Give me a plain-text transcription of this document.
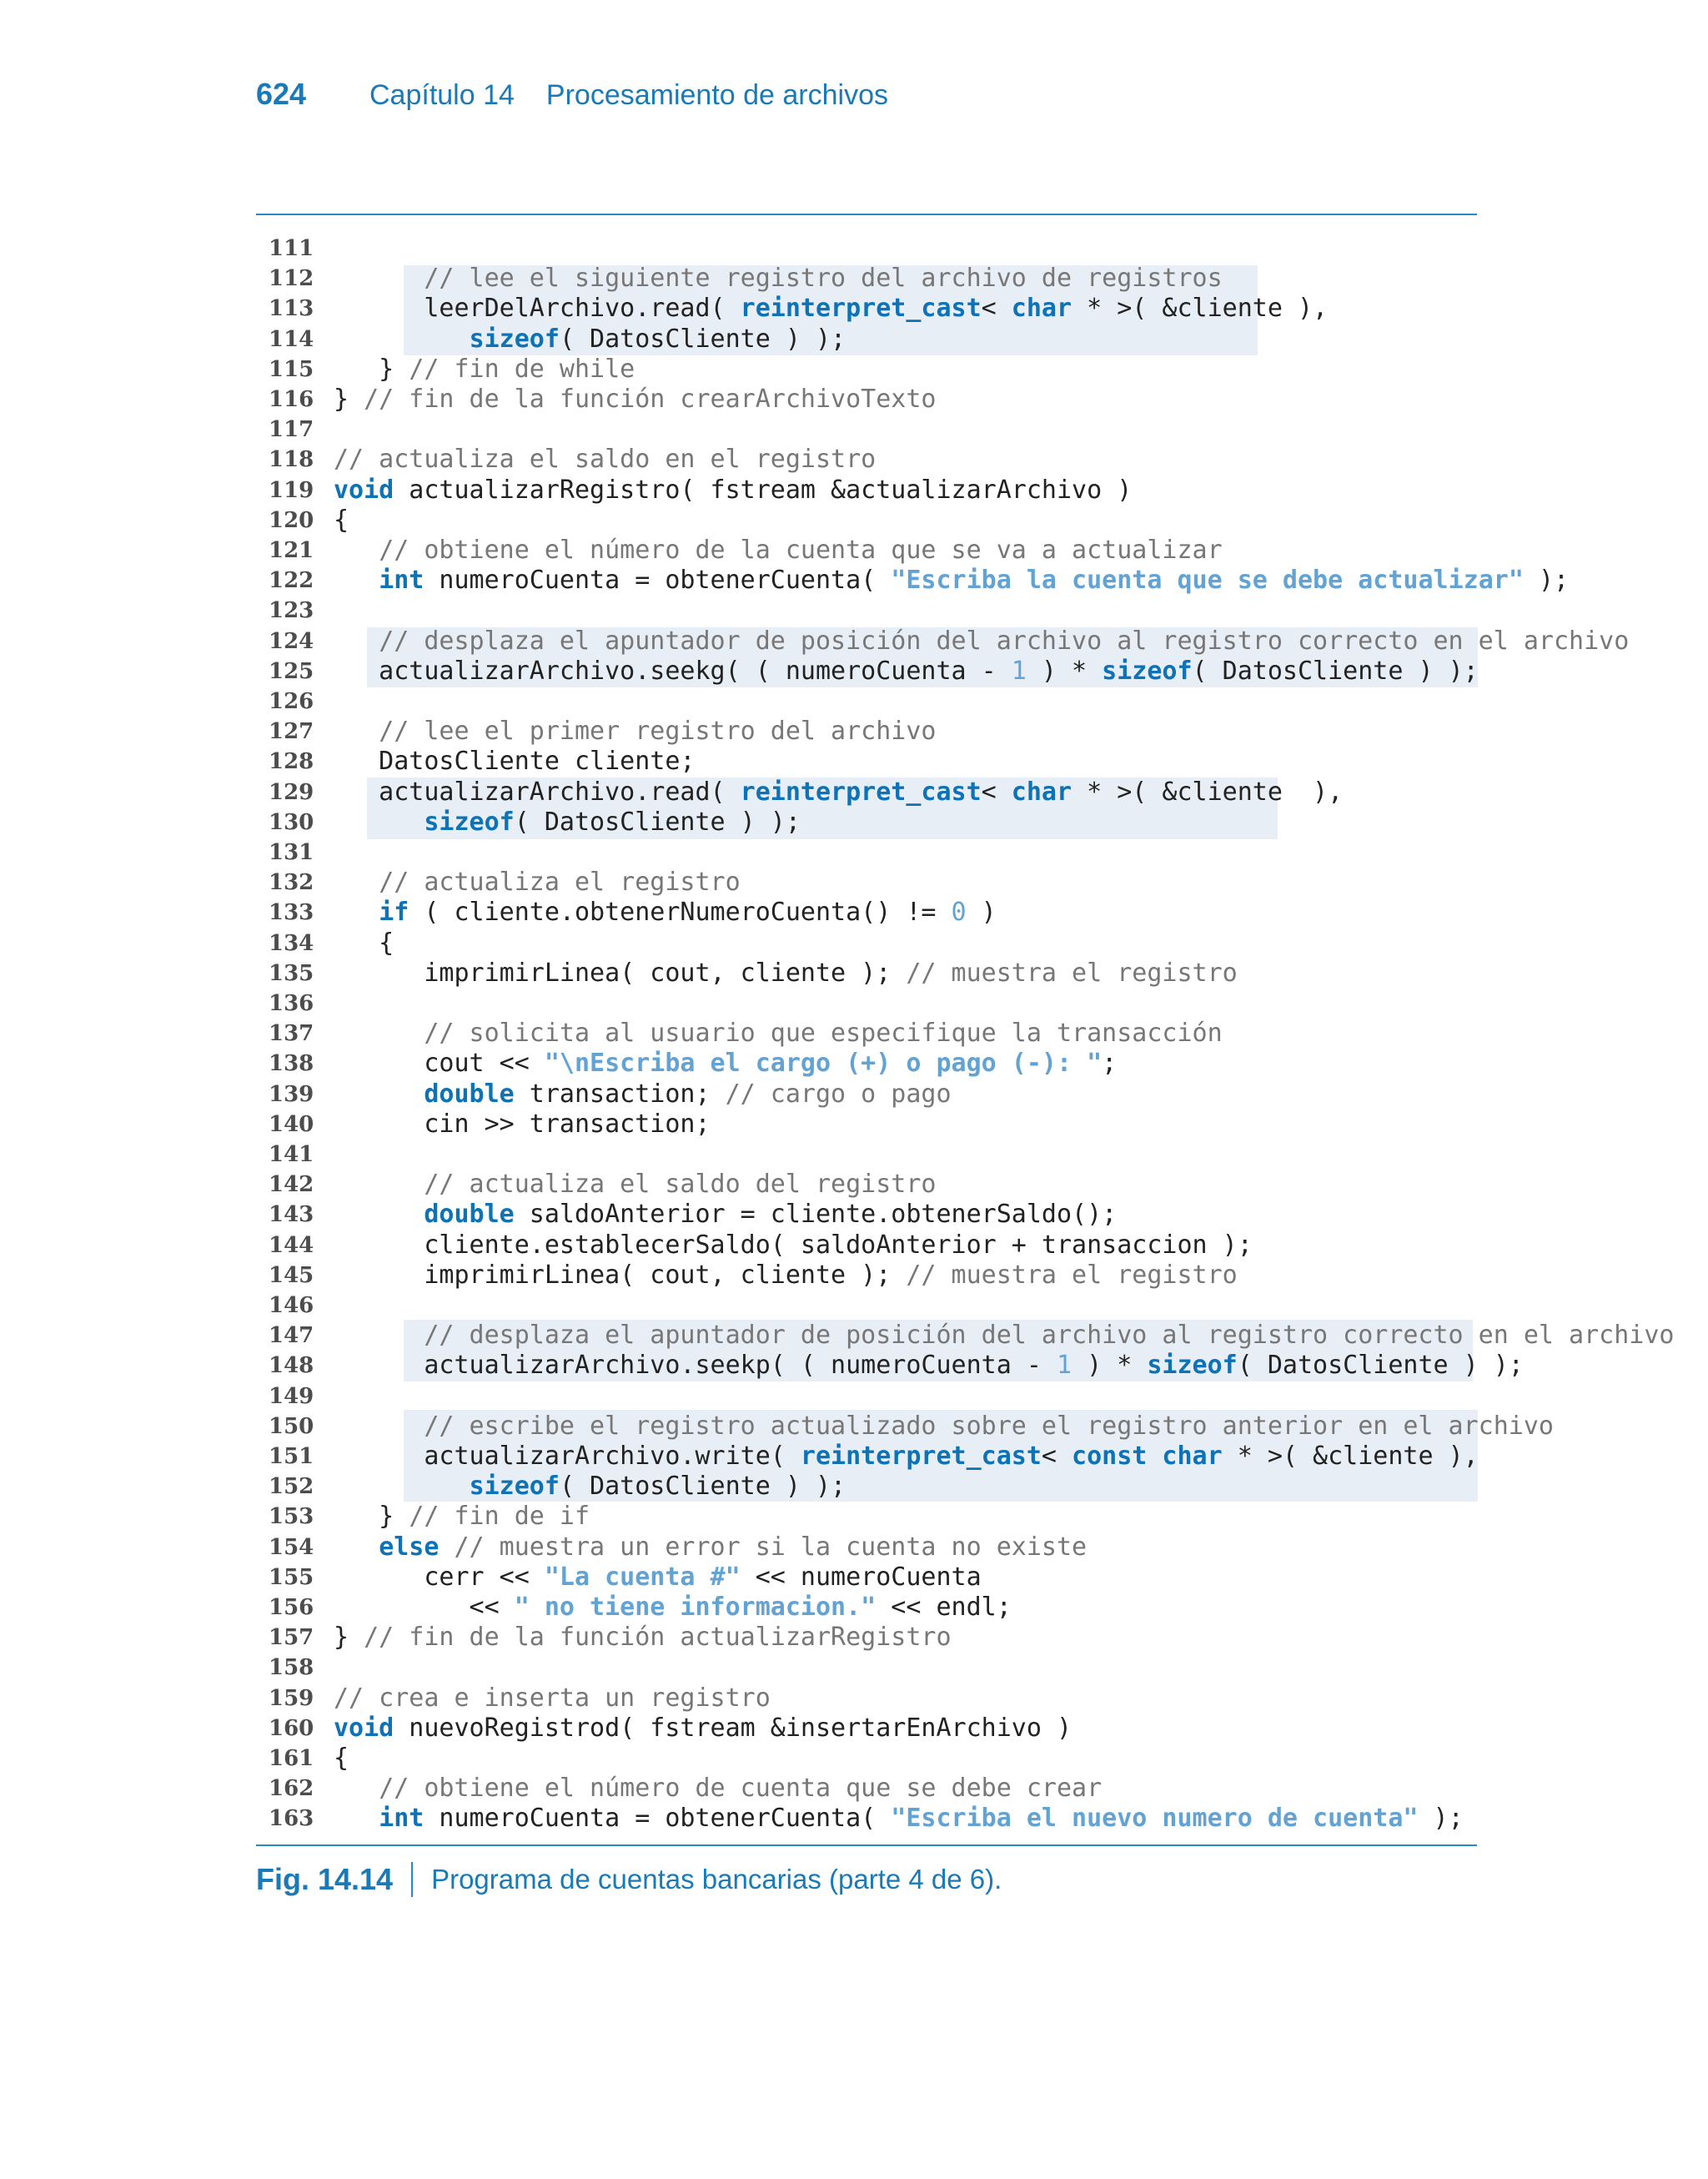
624	Capítulo 14 Procesamiento de archivos
111
112	// lee el siguiente registro del archivo de registros
113 leerDelArchivo.read( reinterpret_cast< char * >( &cliente ),
114	sizeof( DatosCliente ) );
115 } // fin de while
116 } // fin de la función crearArchivoTexto
117
118 // actualiza el saldo en el registro
119 void actualizarRegistro( fstream &actualizarArchivo )
120 {
121	// obtiene el número de la cuenta que se va a actualizar
122	int numeroCuenta = obtenerCuenta( "Escriba la cuenta que se debe actualizar" );
123
124	// desplaza el apuntador de posición del archivo al registro correcto en el archivo
125 actualizarArchivo.seekg( ( numeroCuenta - 1 ) * sizeof( DatosCliente ) );
126
127	// lee el primer registro del archivo
128 DatosCliente cliente;
129 actualizarArchivo.read( reinterpret_cast< char * >( &cliente  ),
130	sizeof( DatosCliente ) );
131
132	// actualiza el registro
133	if ( cliente.obtenerNumeroCuenta() != 0 )
134 {
135 imprimirLinea( cout, cliente ); // muestra el registro
136
137	// solicita al usuario que especifique la transacción
138 cout << "\nEscriba el cargo (+) o pago (-): ";
139	double transaction; // cargo o pago
140 cin >> transaction;
141
142	// actualiza el saldo del registro
143	double saldoAnterior = cliente.obtenerSaldo();
144 cliente.establecerSaldo( saldoAnterior + transaccion );
145 imprimirLinea( cout, cliente ); // muestra el registro
146
147	// desplaza el apuntador de posición del archivo al registro correcto en el archivo
148 actualizarArchivo.seekp( ( numeroCuenta - 1 ) * sizeof( DatosCliente ) );
149
150	// escribe el registro actualizado sobre el registro anterior en el archivo
151 actualizarArchivo.write( reinterpret_cast< const char * >( &cliente ),
152	sizeof( DatosCliente ) );
153 } // fin de if
154	else // muestra un error si la cuenta no existe
155 cerr << "La cuenta #" << numeroCuenta
156 << " no tiene informacion." << endl;
157 } // fin de la función actualizarRegistro
158
159 // crea e inserta un registro
160 void nuevoRegistrod( fstream &insertarEnArchivo )
161 {
162	// obtiene el número de cuenta que se debe crear
163	int numeroCuenta = obtenerCuenta( "Escriba el nuevo numero de cuenta" );
Fig. 14.14 Programa de cuentas bancarias (parte 4 de 6).
